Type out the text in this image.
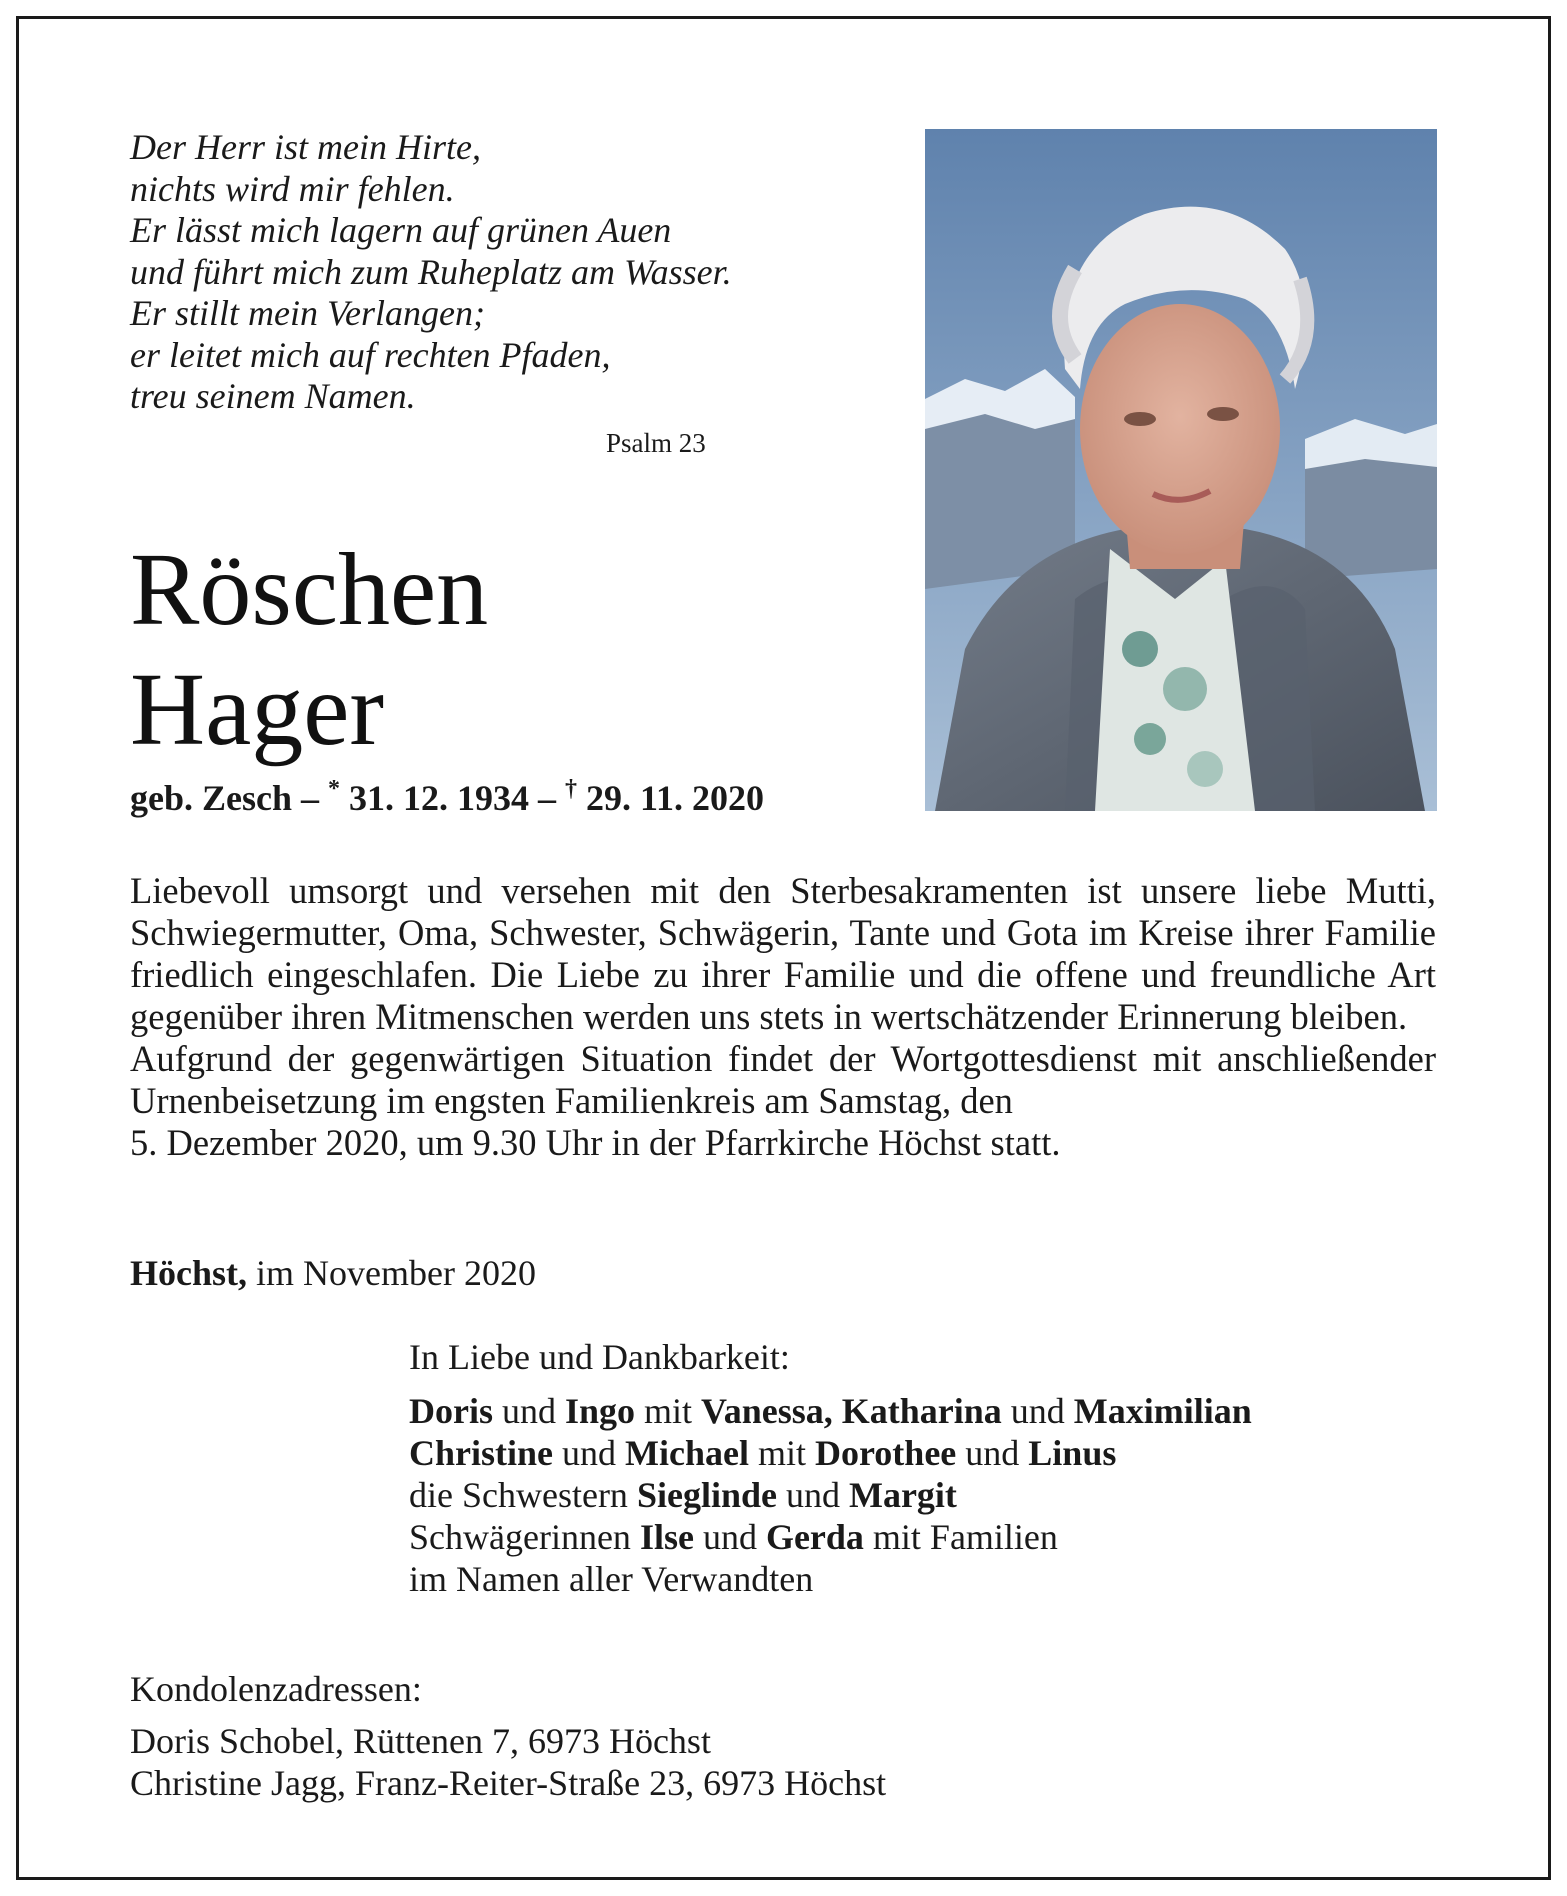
Der Herr ist mein Hirte,
nichts wird mir fehlen.
Er lässt mich lagern auf grünen Auen
und führt mich zum Ruheplatz am Wasser.
Er stillt mein Verlangen;
er leitet mich auf rechten Pfaden,
treu seinem Namen.
Psalm 23
Röschen
Hager
geb. Zesch – * 31. 12. 1934 – † 29. 11. 2020

Liebevoll umsorgt und versehen mit den Sterbesakramenten ist unsere liebe Mutti, Schwiegermutter, Oma, Schwester, Schwägerin, Tante und Gota im Kreise ihrer Familie friedlich eingeschlafen. Die Liebe zu ihrer Familie und die offene und freundliche Art gegenüber ihren Mitmenschen werden uns stets in wertschätzender Erinnerung bleiben.

Aufgrund der gegenwärtigen Situation findet der Wortgottesdienst mit anschließender Urnenbeisetzung im engsten Familienkreis am Samstag, den

5. Dezember 2020, um 9.30 Uhr in der Pfarrkirche Höchst statt.

Höchst, im November 2020
In Liebe und Dankbarkeit:
Doris und Ingo mit Vanessa, Katharina und Maximilian
Christine und Michael mit Dorothee und Linus
die Schwestern Sieglinde und Margit
Schwägerinnen Ilse und Gerda mit Familien
im Namen aller Verwandten
Kondolenzadressen:
Doris Schobel, Rüttenen 7, 6973 Höchst
Christine Jagg, Franz-Reiter-Straße 23, 6973 Höchst
